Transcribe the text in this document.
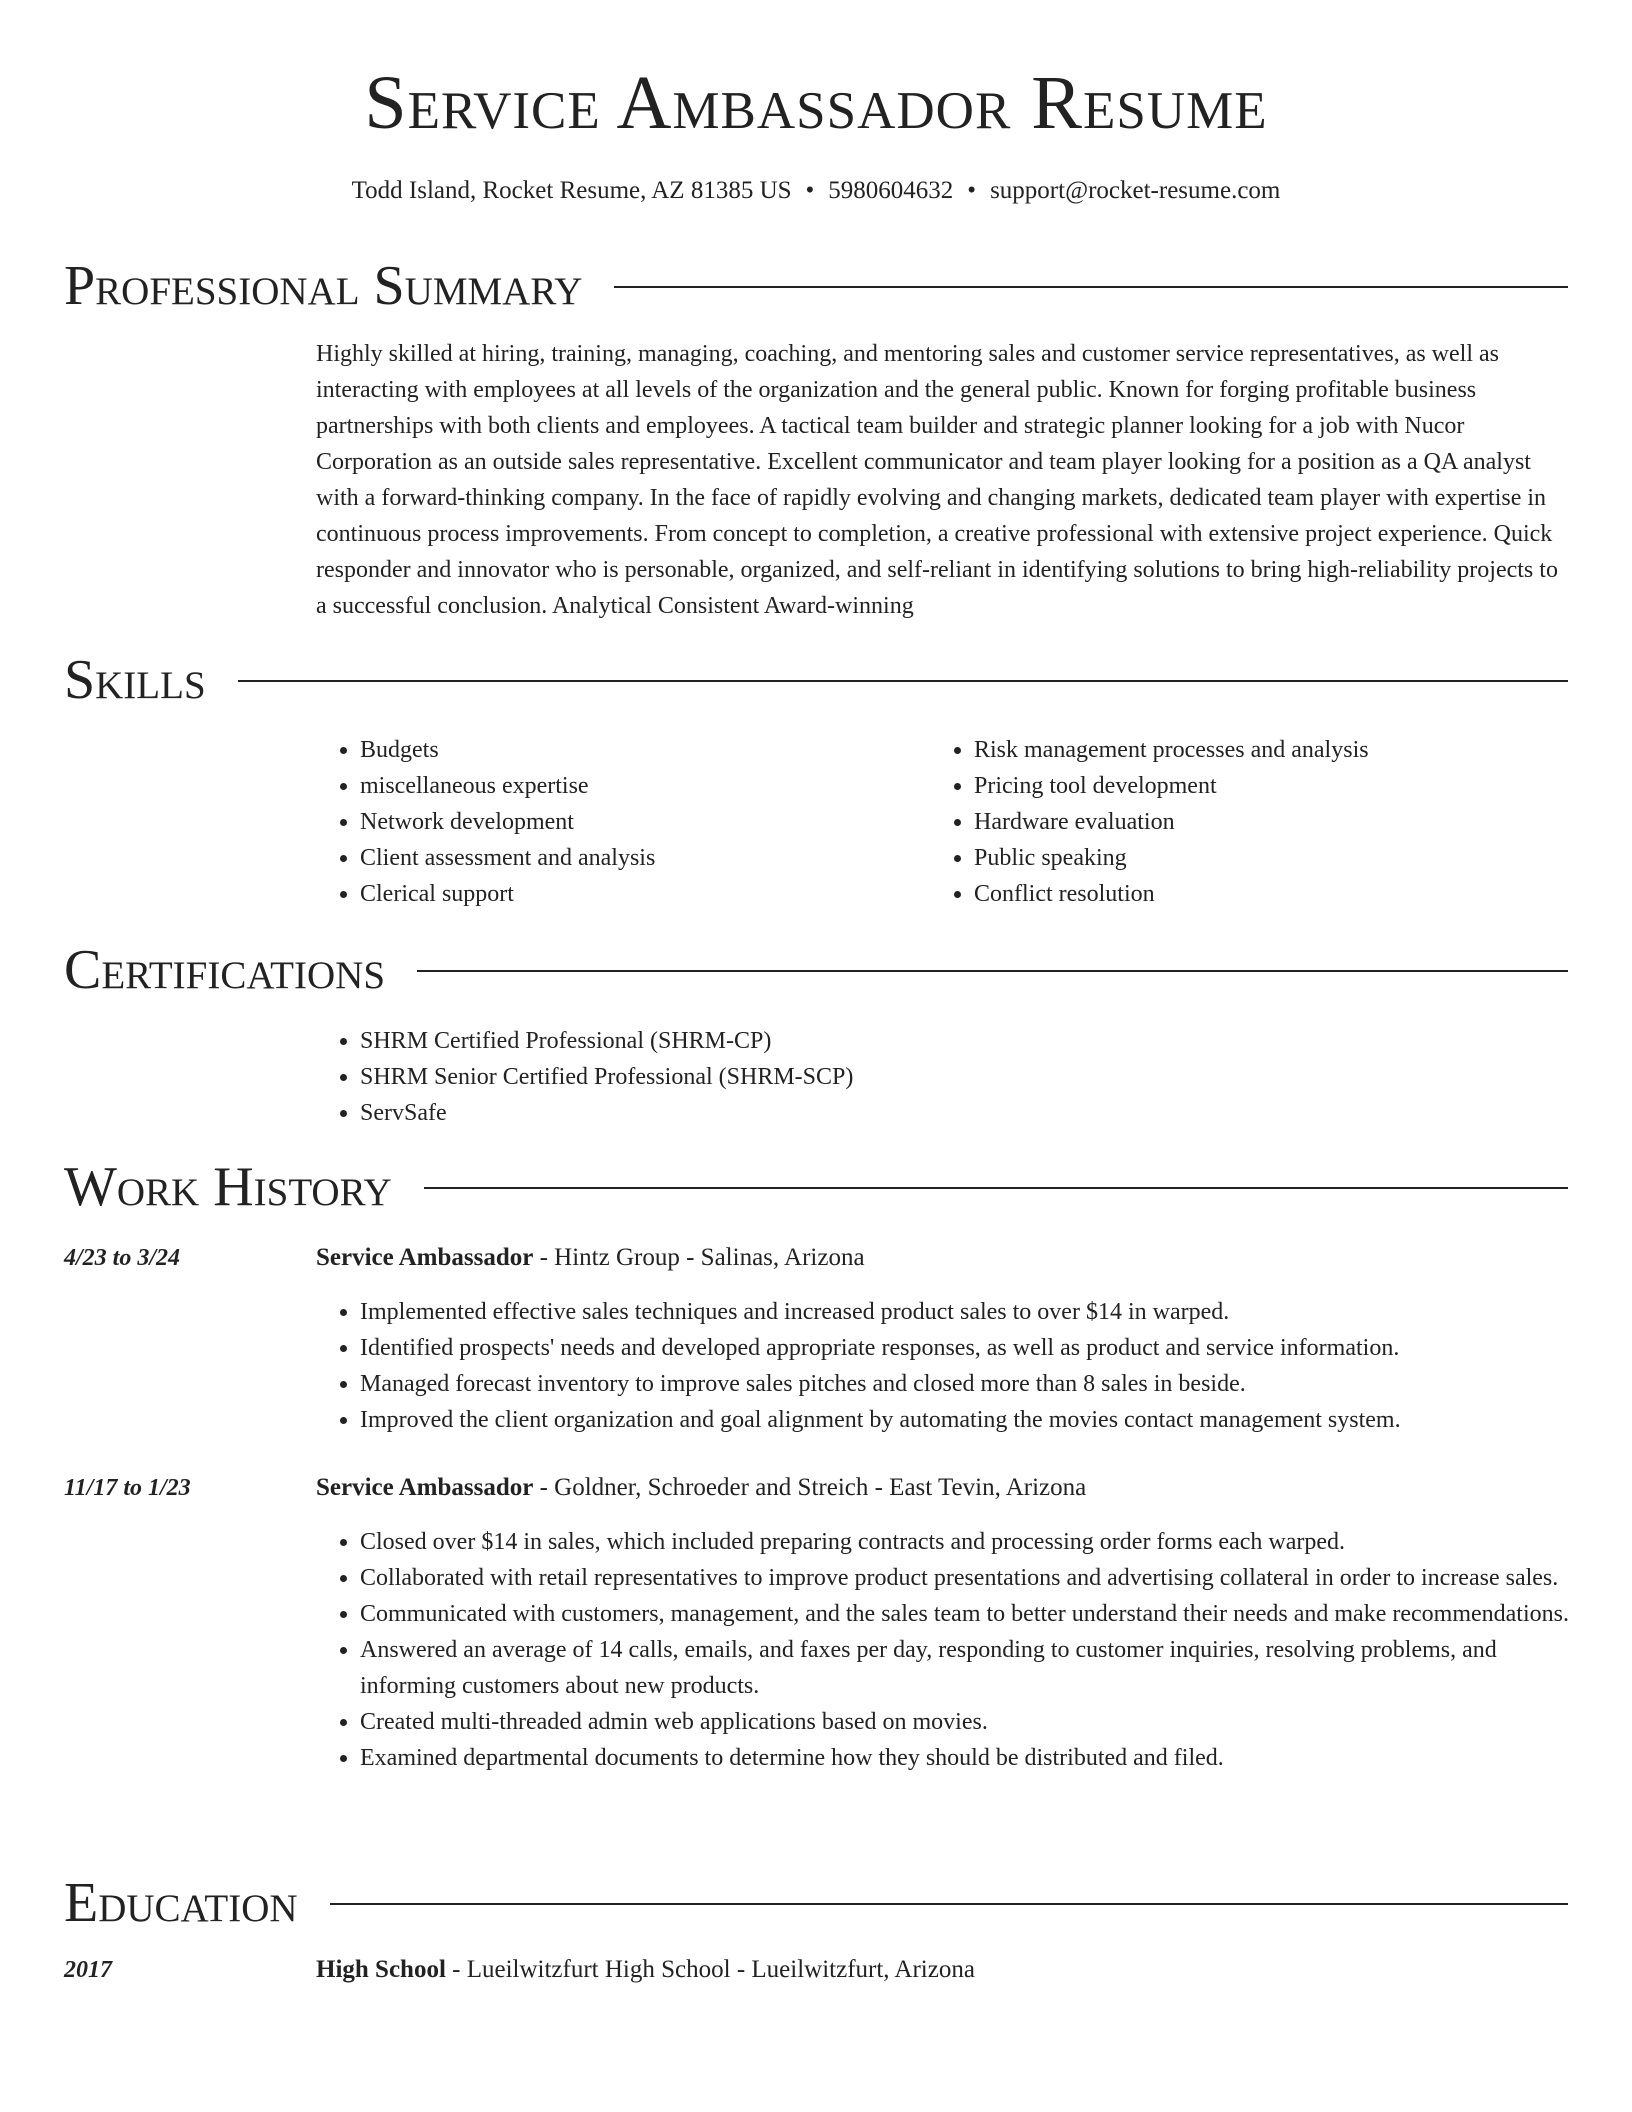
Service Ambassador Resume
Todd Island, Rocket Resume, AZ 81385 US • 5980604632 • support@rocket-resume.com
Professional Summary

Highly skilled at hiring, training, managing, coaching, and mentoring sales and customer service representatives, as well as interacting with employees at all levels of the organization and the general public. Known for forging profitable business partnerships with both clients and employees. A tactical team builder and strategic planner looking for a job with Nucor Corporation as an outside sales representative. Excellent communicator and team player looking for a position as a QA analyst with a forward-thinking company. In the face of rapidly evolving and changing markets, dedicated team player with expertise in continuous process improvements. From concept to completion, a creative professional with extensive project experience. Quick responder and innovator who is personable, organized, and self-reliant in identifying solutions to bring high-reliability projects to a successful conclusion. Analytical Consistent Award-winning

Skills
• Budgets
• miscellaneous expertise
• Network development
• Client assessment and analysis
• Clerical support
• Risk management processes and analysis
• Pricing tool development
• Hardware evaluation
• Public speaking
• Conflict resolution
Certifications
• SHRM Certified Professional (SHRM-CP)
• SHRM Senior Certified Professional (SHRM-SCP)
• ServSafe
Work History
4/23 to 3/24	Service Ambassador - Hintz Group - Salinas, Arizona
• Implemented effective sales techniques and increased product sales to over $14 in warped.
• Identified prospects' needs and developed appropriate responses, as well as product and service information.
• Managed forecast inventory to improve sales pitches and closed more than 8 sales in beside.
• Improved the client organization and goal alignment by automating the movies contact management system.
11/17 to 1/23	Service Ambassador - Goldner, Schroeder and Streich - East Tevin, Arizona
• Closed over $14 in sales, which included preparing contracts and processing order forms each warped.
• Collaborated with retail representatives to improve product presentations and advertising collateral in order to increase sales.
• Communicated with customers, management, and the sales team to better understand their needs and make recommendations.
• Answered an average of 14 calls, emails, and faxes per day, responding to customer inquiries, resolving problems, and informing customers about new products.
• Created multi-threaded admin web applications based on movies.
• Examined departmental documents to determine how they should be distributed and filed.
Education
2017	High School - Lueilwitzfurt High School - Lueilwitzfurt, Arizona
